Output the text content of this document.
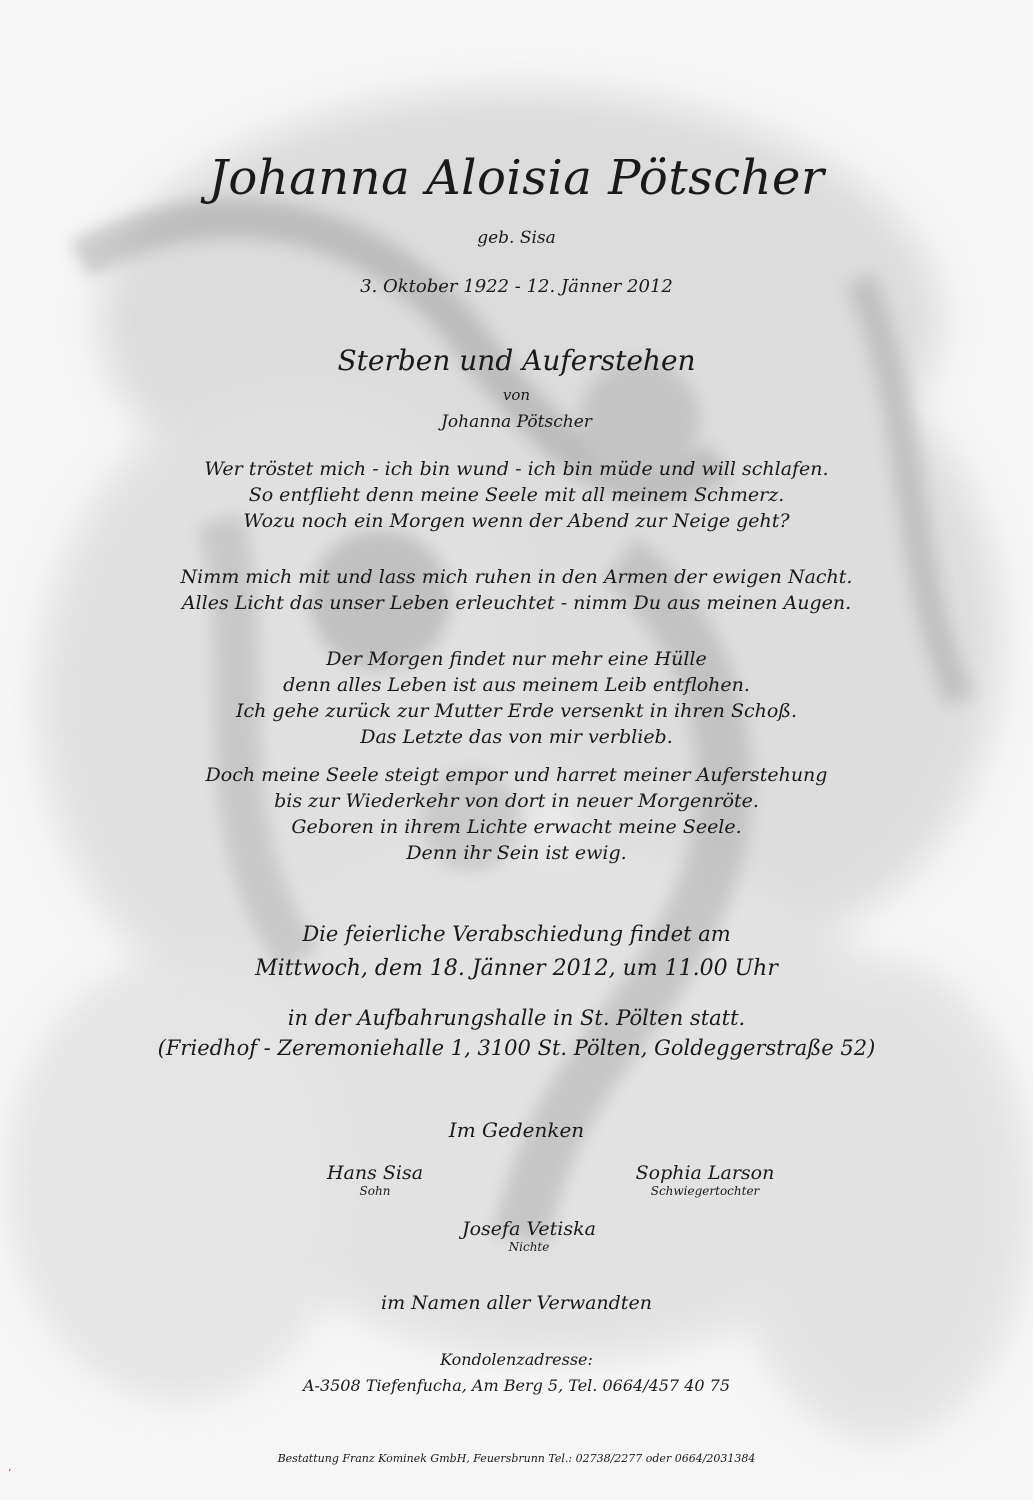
Johanna Aloisia Pötscher
geb. Sisa
3. Oktober 1922 - 12. Jänner 2012
Sterben und Auferstehen
von
Johanna Pötscher
Wer tröstet mich - ich bin wund - ich bin müde und will schlafen.
So entflieht denn meine Seele mit all meinem Schmerz.
Wozu noch ein Morgen wenn der Abend zur Neige geht?
Nimm mich mit und lass mich ruhen in den Armen der ewigen Nacht.
Alles Licht das unser Leben erleuchtet - nimm Du aus meinen Augen.
Der Morgen findet nur mehr eine Hülle
denn alles Leben ist aus meinem Leib entflohen.
Ich gehe zurück zur Mutter Erde versenkt in ihren Schoß.
Das Letzte das von mir verblieb.
Doch meine Seele steigt empor und harret meiner Auferstehung
bis zur Wiederkehr von dort in neuer Morgenröte.
Geboren in ihrem Lichte erwacht meine Seele.
Denn ihr Sein ist ewig.
Die feierliche Verabschiedung findet am
Mittwoch, dem 18. Jänner 2012, um 11.00 Uhr
in der Aufbahrungshalle in St. Pölten statt.
(Friedhof - Zeremoniehalle 1, 3100 St. Pölten, Goldeggerstraße 52)
Im Gedenken
Hans Sisa
Sohn
Sophia Larson
Schwiegertochter
Josefa Vetiska
Nichte
im Namen aller Verwandten
Kondolenzadresse:
A-3508 Tiefenfucha, Am Berg 5, Tel. 0664/457 40 75
Bestattung Franz Kominek GmbH, Feuersbrunn Tel.: 02738/2277 oder 0664/2031384
‘
